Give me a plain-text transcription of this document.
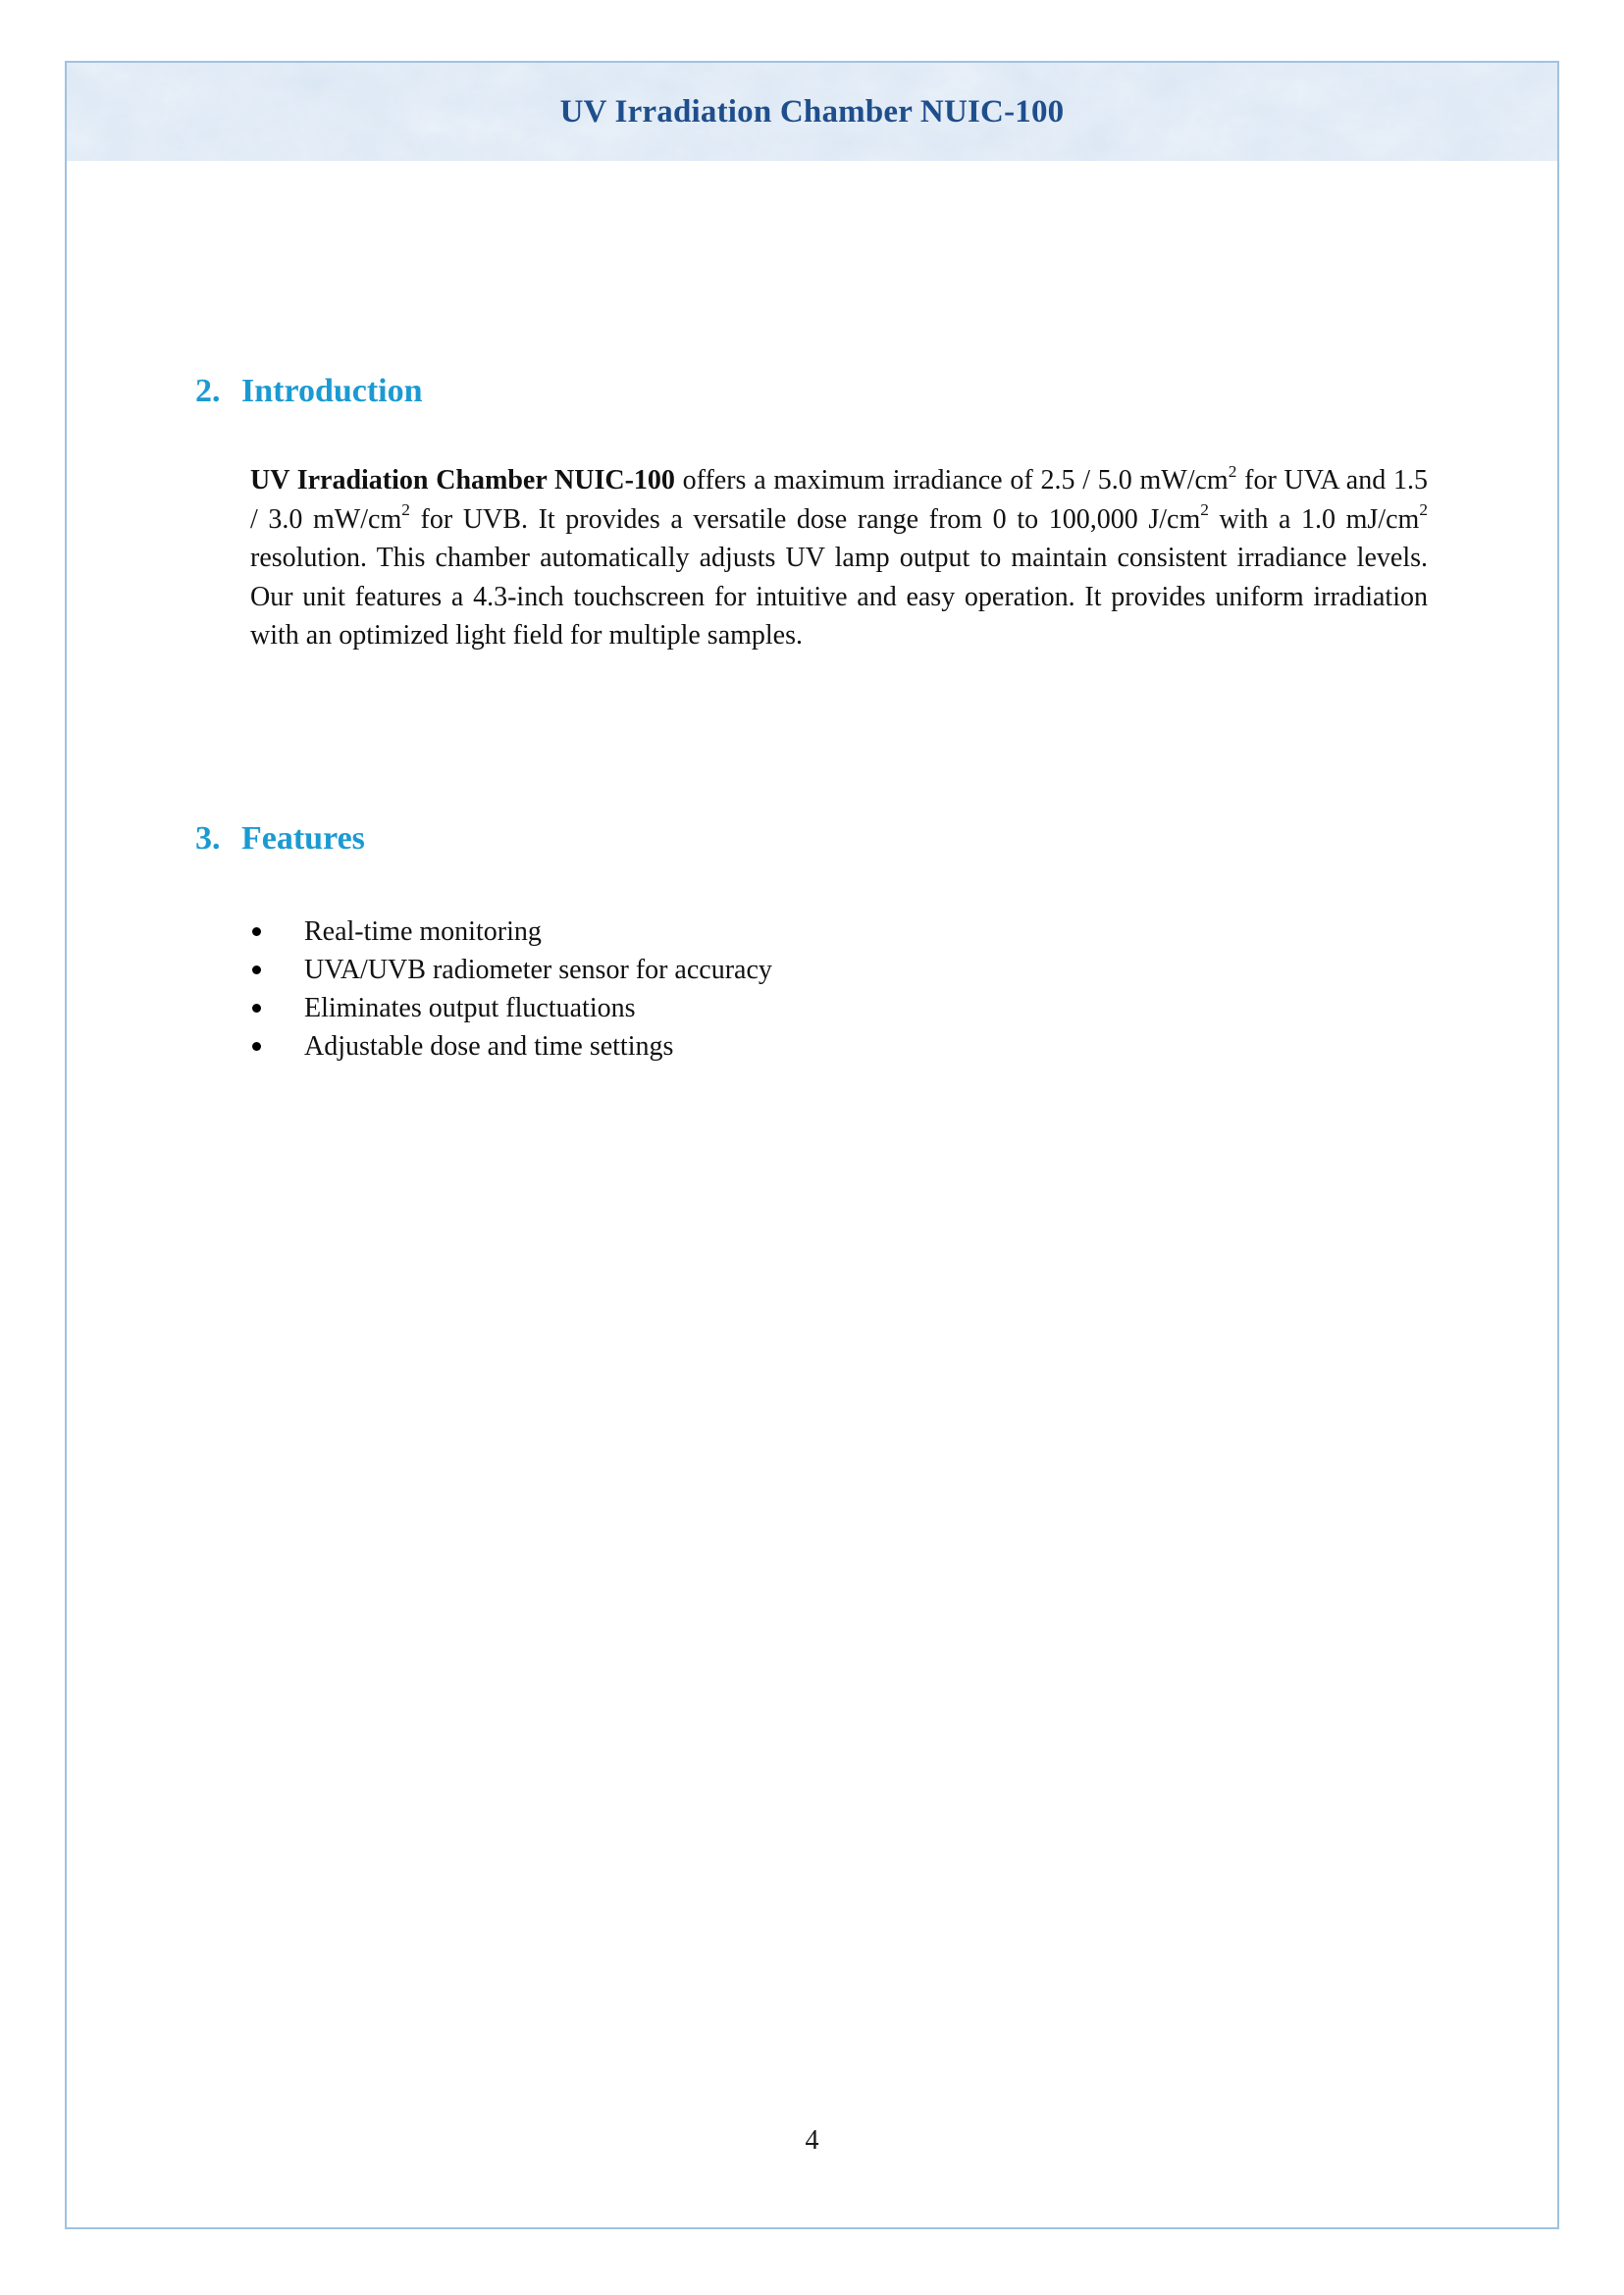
UV Irradiation Chamber NUIC-100
2. Introduction

UV Irradiation Chamber NUIC-100 offers a maximum irradiance of 2.5 / 5.0 $mW/cm^2$ for UVA and 1.5 / 3.0 $mW/cm^2$ for UVB. It provides a versatile dose range from 0 to 100,000 $J/cm^2$ with a 1.0 $mJ/cm^2$ resolution. This chamber automatically adjusts UV lamp output to maintain consistent irradiance levels. Our unit features a 4.3-inch touchscreen for intuitive and easy operation. It provides uniform irradiation with an optimized light field for multiple samples.

3. Features
Real-time monitoring
UVA/UVB radiometer sensor for accuracy
Eliminates output fluctuations
Adjustable dose and time settings
4
